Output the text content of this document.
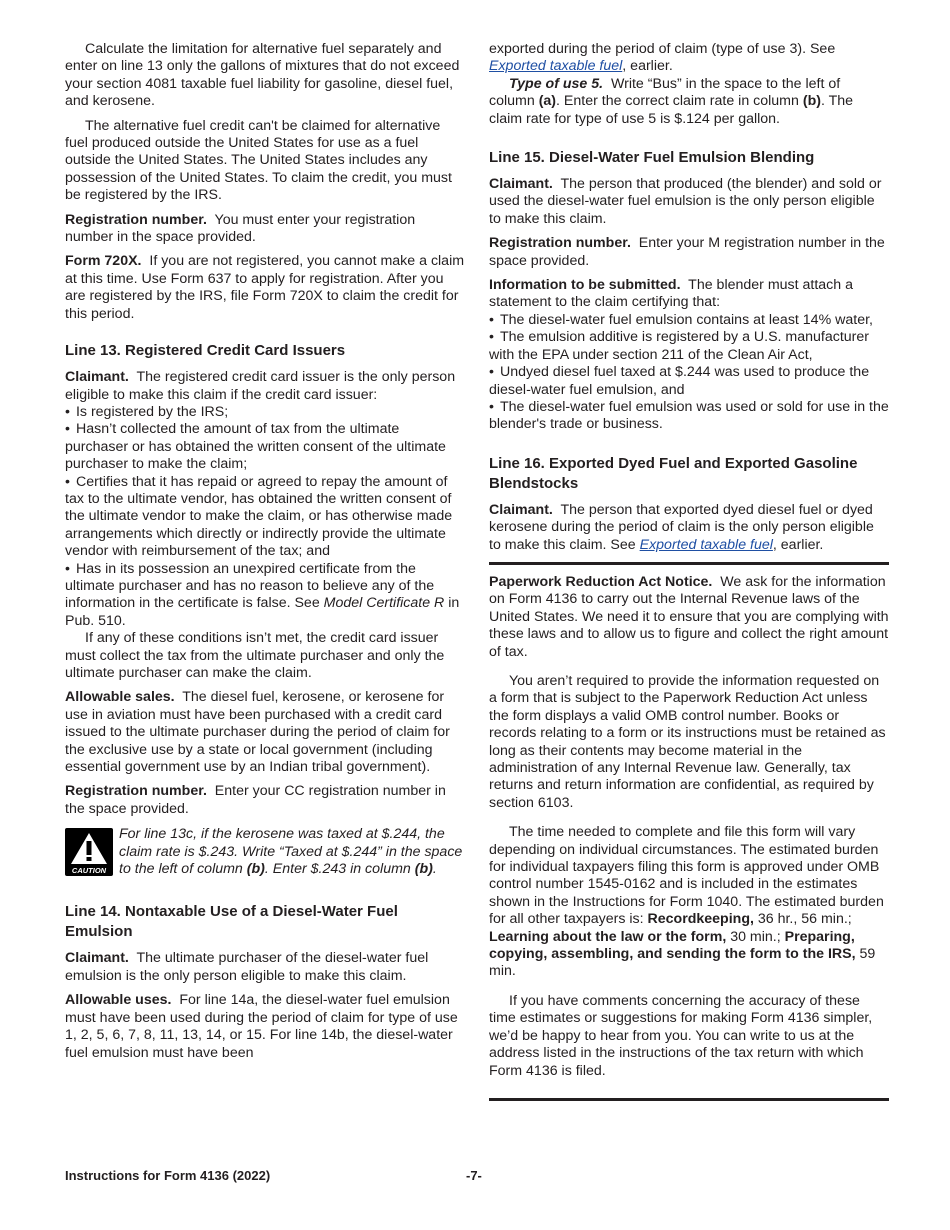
Calculate the limitation for alternative fuel separately and enter on line 13 only the gallons of mixtures that do not exceed your section 4081 taxable fuel liability for gasoline, diesel fuel, and kerosene.

The alternative fuel credit can't be claimed for alternative fuel produced outside the United States for use as a fuel outside the United States. The United States includes any possession of the United States. To claim the credit, you must be registered by the IRS.

Registration number. You must enter your registration number in the space provided.

Form 720X. If you are not registered, you cannot make a claim at this time. Use Form 637 to apply for registration. After you are registered by the IRS, file Form 720X to claim the credit for this period.

Line 13. Registered Credit Card Issuers

Claimant. The registered credit card issuer is the only person eligible to make this claim if the credit card issuer:

• Is registered by the IRS;
• Hasn’t collected the amount of tax from the ultimate purchaser or has obtained the written consent of the ultimate purchaser to make the claim;
• Certifies that it has repaid or agreed to repay the amount of tax to the ultimate vendor, has obtained the written consent of the ultimate vendor to make the claim, or has otherwise made arrangements which directly or indirectly provide the ultimate vendor with reimbursement of the tax; and

• Has in its possession an unexpired certificate from the ultimate purchaser and has no reason to believe any of the information in the certificate is false. See Model Certificate R in Pub. 510.

If any of these conditions isn’t met, the credit card issuer must collect the tax from the ultimate purchaser and only the ultimate purchaser can make the claim.

Allowable sales. The diesel fuel, kerosene, or kerosene for use in aviation must have been purchased with a credit card issued to the ultimate purchaser during the period of claim for the exclusive use by a state or local government (including essential government use by an Indian tribal government).

Registration number. Enter your CC registration number in the space provided.

CAUTION
For line 13c, if the kerosene was taxed at $.244, the claim rate is $.243. Write “Taxed at $.244” in the space to the left of column (b). Enter $.243 in column (b).
Line 14. Nontaxable Use of a Diesel-Water Fuel Emulsion

Claimant. The ultimate purchaser of the diesel-water fuel emulsion is the only person eligible to make this claim.

Allowable uses. For line 14a, the diesel-water fuel emulsion must have been used during the period of claim for type of use 1, 2, 5, 6, 7, 8, 11, 13, 14, or 15. For line 14b, the diesel-water fuel emulsion must have been

exported during the period of claim (type of use 3). See Exported taxable fuel, earlier.

Type of use 5. Write “Bus” in the space to the left of column (a). Enter the correct claim rate in column (b). The claim rate for type of use 5 is $.124 per gallon.

Line 15. Diesel-Water Fuel Emulsion Blending

Claimant. The person that produced (the blender) and sold or used the diesel-water fuel emulsion is the only person eligible to make this claim.

Registration number. Enter your M registration number in the space provided.

Information to be submitted. The blender must attach a statement to the claim certifying that:

• The diesel-water fuel emulsion contains at least 14% water,
• The emulsion additive is registered by a U.S. manufacturer with the EPA under section 211 of the Clean Air Act,
• Undyed diesel fuel taxed at $.244 was used to produce the diesel-water fuel emulsion, and

• The diesel-water fuel emulsion was used or sold for use in the blender's trade or business.

Line 16. Exported Dyed Fuel and Exported Gasoline Blendstocks

Claimant. The person that exported dyed diesel fuel or dyed kerosene during the period of claim is the only person eligible to make this claim. See Exported taxable fuel, earlier.

Paperwork Reduction Act Notice. We ask for the information on Form 4136 to carry out the Internal Revenue laws of the United States. We need it to ensure that you are complying with these laws and to allow us to figure and collect the right amount of tax.

You aren’t required to provide the information requested on a form that is subject to the Paperwork Reduction Act unless the form displays a valid OMB control number. Books or records relating to a form or its instructions must be retained as long as their contents may become material in the administration of any Internal Revenue law. Generally, tax returns and return information are confidential, as required by section 6103.

The time needed to complete and file this form will vary depending on individual circumstances. The estimated burden for individual taxpayers filing this form is approved under OMB control number 1545-0162 and is included in the estimates shown in the Instructions for Form 1040. The estimated burden for all other taxpayers is: Recordkeeping, 36 hr., 56 min.; Learning about the law or the form, 30 min.; Preparing, copying, assembling, and sending the form to the IRS, 59 min.

If you have comments concerning the accuracy of these time estimates or suggestions for making Form 4136 simpler, we’d be happy to hear from you. You can write to us at the address listed in the instructions of the tax return with which Form 4136 is filed.

Instructions for Form 4136 (2022)	-7-
